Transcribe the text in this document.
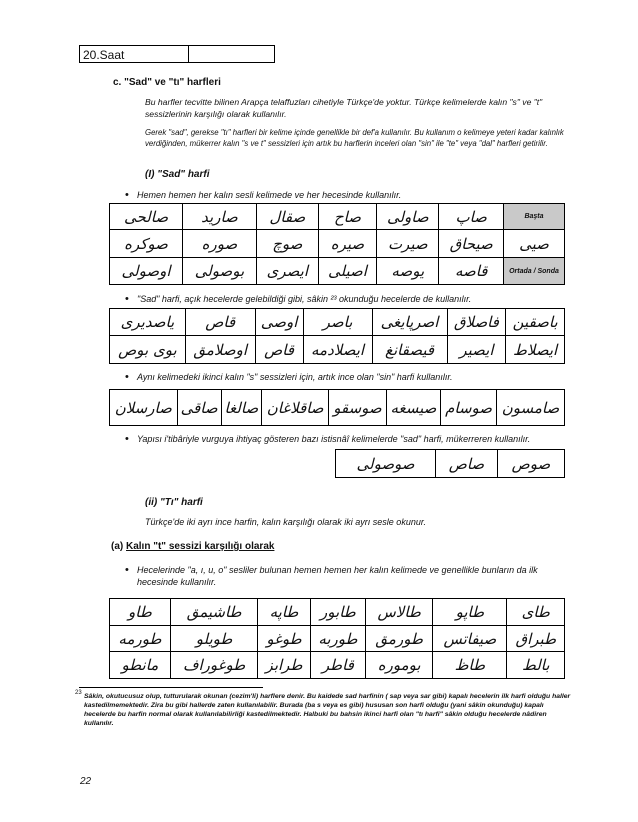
20.Saat
c. "Sad" ve "tı" harfleri
Bu harfler tecvitte bilinen Arapça telaffuzları cihetiyle Türkçe'de yoktur. Türkçe kelimelerde kalın "s" ve "t" sessizlerinin karşılığı olarak kullanılır.
Gerek "sad", gerekse "tı" harfleri bir kelime içinde genellikle bir def'a kullanılır. Bu kullanım o kelimeye yeteri kadar kalınlık verdiğinden, mükerrer kalın "s ve t" sessizleri için artık bu harflerin inceleri olan "sin" ile "te" veya "dal" harfleri getirilir.
(I) "Sad" harfi
• Hemen hemen her kalın sesli kelimede ve her hecesinde kullanılır.
صالحى	صاريد	صقال	صاح	صاولى	صاپ	Başta
صوكره	صوره	صوچ	صيره	صيرت	صيحاق	صيى
اوصولى	بوصولى	ايصرى	اصيلى	يوصه	قاصه	Ortada / Sonda
• "Sad" harfi, açık hecelerde gelebildiği gibi, sâkin ²³ okunduğu hecelerde de kullanılır.
ياصديرى	قاص	اوصى	باصر	اصرپايغى	فاصلاق	باصقين
بوى بوص	اوصلامق	قاص	ايصلادمه	قيصقانغ	ايصير	ايصلاط
• Aynı kelimedeki ikinci kalın "s" sessizleri için, artık ince olan "sin" harfi kullanılır.
صارسلان	صاقى	صالغا	صاقلاغان	صوسقو	صيسغه	صوسام	صامسون
• Yapısı i'tibâriyle vurguya ihtiyaç gösteren bazı istisnâî kelimelerde "sad" harfi, mükerreren kullanılır.
صوصولى	صاص	صوص
(ii) "Tı" harfi
Türkçe'de iki ayrı ince harfin, kalın karşılığı olarak iki ayrı sesle okunur.
(a) Kalın "t" sessizi karşılığı olarak
• Hecelerinde "a, ı, u, o" sesliler bulunan hemen hemen her kalın kelimede ve genellikle bunların da ilk hecesinde kullanılır.
طاو	طاشيمق	طاپه	طابور	طالاس	طاپو	طای
طورمه	طويلو	طوغو	طوربه	طورمق	صيفاتس	طبراق
مانطو	طوغوراف	طرابز	قاطر	بوموره	طاظ	بالط
23 Sâkin, okutucusuz olup, tutturularak okunan (cezim'li) harflere denir. Bu kaidede sad harfinin ( sap veya sar gibi) kapalı hecelerin ilk harfi olduğu haller kastedilmemektedir. Zira bu gibi hallerde zaten kullanılabilir. Burada (ba s veya es gibi) hususan son harfi olduğu (yani sâkin okunduğu) kapalı hecelerde bu harfin normal olarak kullanılabilirliği kastedilmektedir. Halbuki bu bahsin ikinci harfi olan "tı harfi" sâkin olduğu hecelerde nâdiren kullanılır.
22
